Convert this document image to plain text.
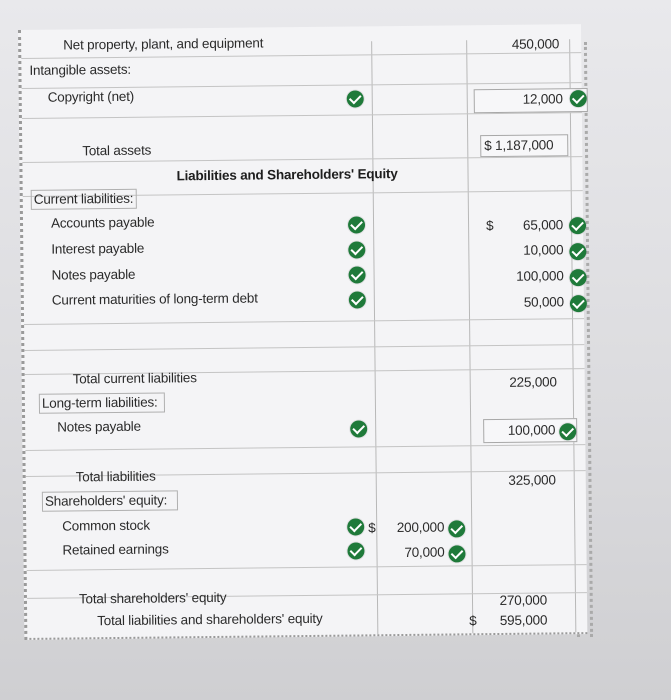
Net property, plant, and equipment	450,000
Intangible assets:
Copyright (net)	12,000
Total assets	$ 1,187,000
Liabilities and Shareholders' Equity
Current liabilities:
Accounts payable	$	65,000
Interest payable	10,000
Notes payable	100,000
Current maturities of long-term debt	50,000
Total current liabilities	225,000
Long-term liabilities:
Notes payable	100,000
Total liabilities	325,000
Shareholders' equity:
Common stock	$	200,000
Retained earnings	70,000
Total shareholders' equity	270,000
Total liabilities and shareholders' equity	$	595,000
